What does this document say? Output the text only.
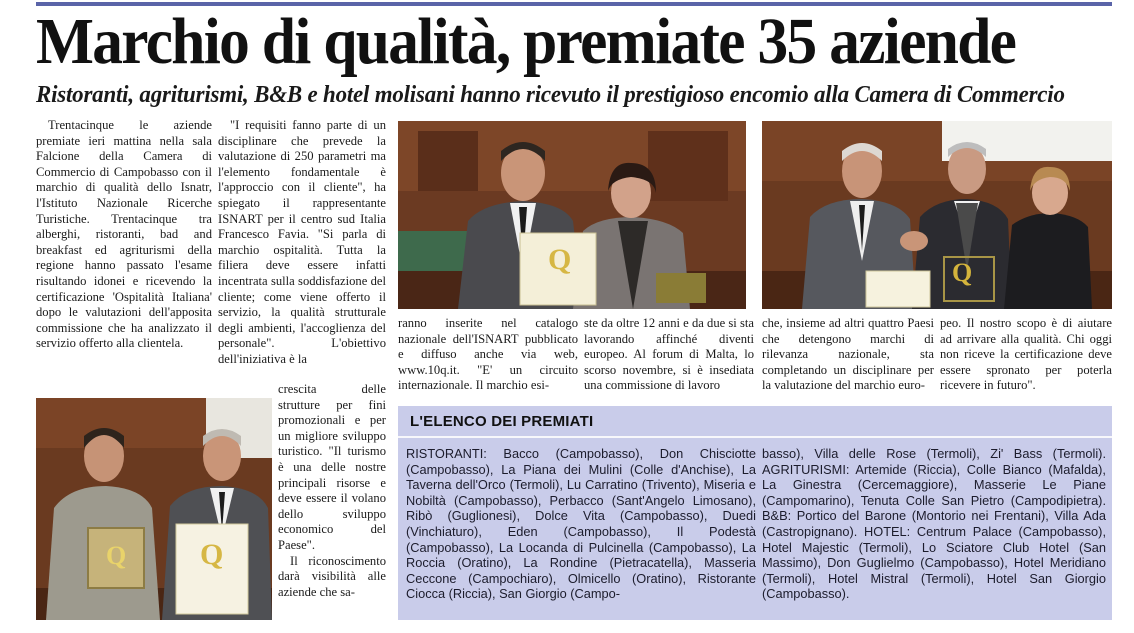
Marchio di qualità, premiate 35 aziende
Ristoranti, agriturismi, B&B e hotel molisani hanno ricevuto il prestigioso encomio alla Camera di Commercio

Trentacinque le aziende premiate ieri mattina nella sala Falcione della Camera di Commercio di Campobasso con il marchio di qualità dello Isnatr, l'Istituto Nazionale Ricerche Turistiche. Trentacinque tra alberghi, ristoranti, bad and breakfast ed agriturismi della regione hanno passato l'esame risultando idonei e ricevendo la certificazione 'Ospitalità Italiana' dopo le valutazioni dell'apposita commissione che ha analizzato il servizio offerto alla clientela.

"I requisiti fanno parte di un disciplinare che prevede la valutazione di 250 parametri ma l'elemento fondamentale è l'approccio con il cliente", ha spiegato il rappresentante ISNART per il centro sud Italia Francesco Favia. "Si parla di marchio ospitalità. Tutta la filiera deve essere infatti incentrata sulla soddisfazione del cliente; come viene offerto il servizio, la qualità strutturale degli ambienti, l'accoglienza del personale". L'obiettivo dell'iniziativa è la

crescita delle strutture per fini promozionali e per un migliore sviluppo turistico. "Il turismo è una delle nostre principali risorse e deve essere il volano dello sviluppo economico del Paese".

Il riconoscimento darà visibilità alle aziende che sa-

ranno inserite nel catalogo nazionale dell'ISNART pubblicato e diffuso anche via web, www.10q.it. "E' un circuito internazionale. Il marchio esi-

ste da oltre 12 anni e da due si sta lavorando affinché diventi europeo. Al forum di Malta, lo scorso novembre, si è insediata una commissione di lavoro

che, insieme ad altri quattro Paesi che detengono marchi di rilevanza nazionale, sta completando un disciplinare per la valutazione del marchio euro-

peo. Il nostro scopo è di aiutare ad arrivare alla qualità. Chi oggi non riceve la certificazione deve essere spronato per poterla ricevere in futuro".

Q	Q
Q Q
L'ELENCO DEI PREMIATI
RISTORANTI: Bacco (Campobasso), Don Chisciotte (Campobasso), La Piana dei Mulini (Colle d'Anchise), La Taverna dell'Orco (Termoli), Lu Carratino (Trivento), Miseria e Nobiltà (Campobasso), Perbacco (Sant'Angelo Limosano), Ribò (Guglionesi), Dolce Vita (Campobasso), Duedi (Vinchiaturo), Eden (Campobasso), Il Podestà (Campobasso), La Locanda di Pulcinella (Campobasso), La Roccia (Oratino), La Rondine (Pietracatella), Masseria Ceccone (Campochiaro), Olmicello (Oratino), Ristorante Ciocca (Riccia), San Giorgio (Campo-
basso), Villa delle Rose (Termoli), Zi' Bass (Termoli). AGRITURISMI: Artemide (Riccia), Colle Bianco (Mafalda), La Ginestra (Cercemaggiore), Masserie Le Piane (Campomarino), Tenuta Colle San Pietro (Campodipietra). B&B: Portico del Barone (Montorio nei Frentani), Villa Ada (Castropignano). HOTEL: Centrum Palace (Campobasso), Hotel Majestic (Termoli), Lo Sciatore Club Hotel (San Massimo), Don Guglielmo (Campobasso), Hotel Meridiano (Termoli), Hotel Mistral (Termoli), Hotel San Giorgio (Campobasso).
